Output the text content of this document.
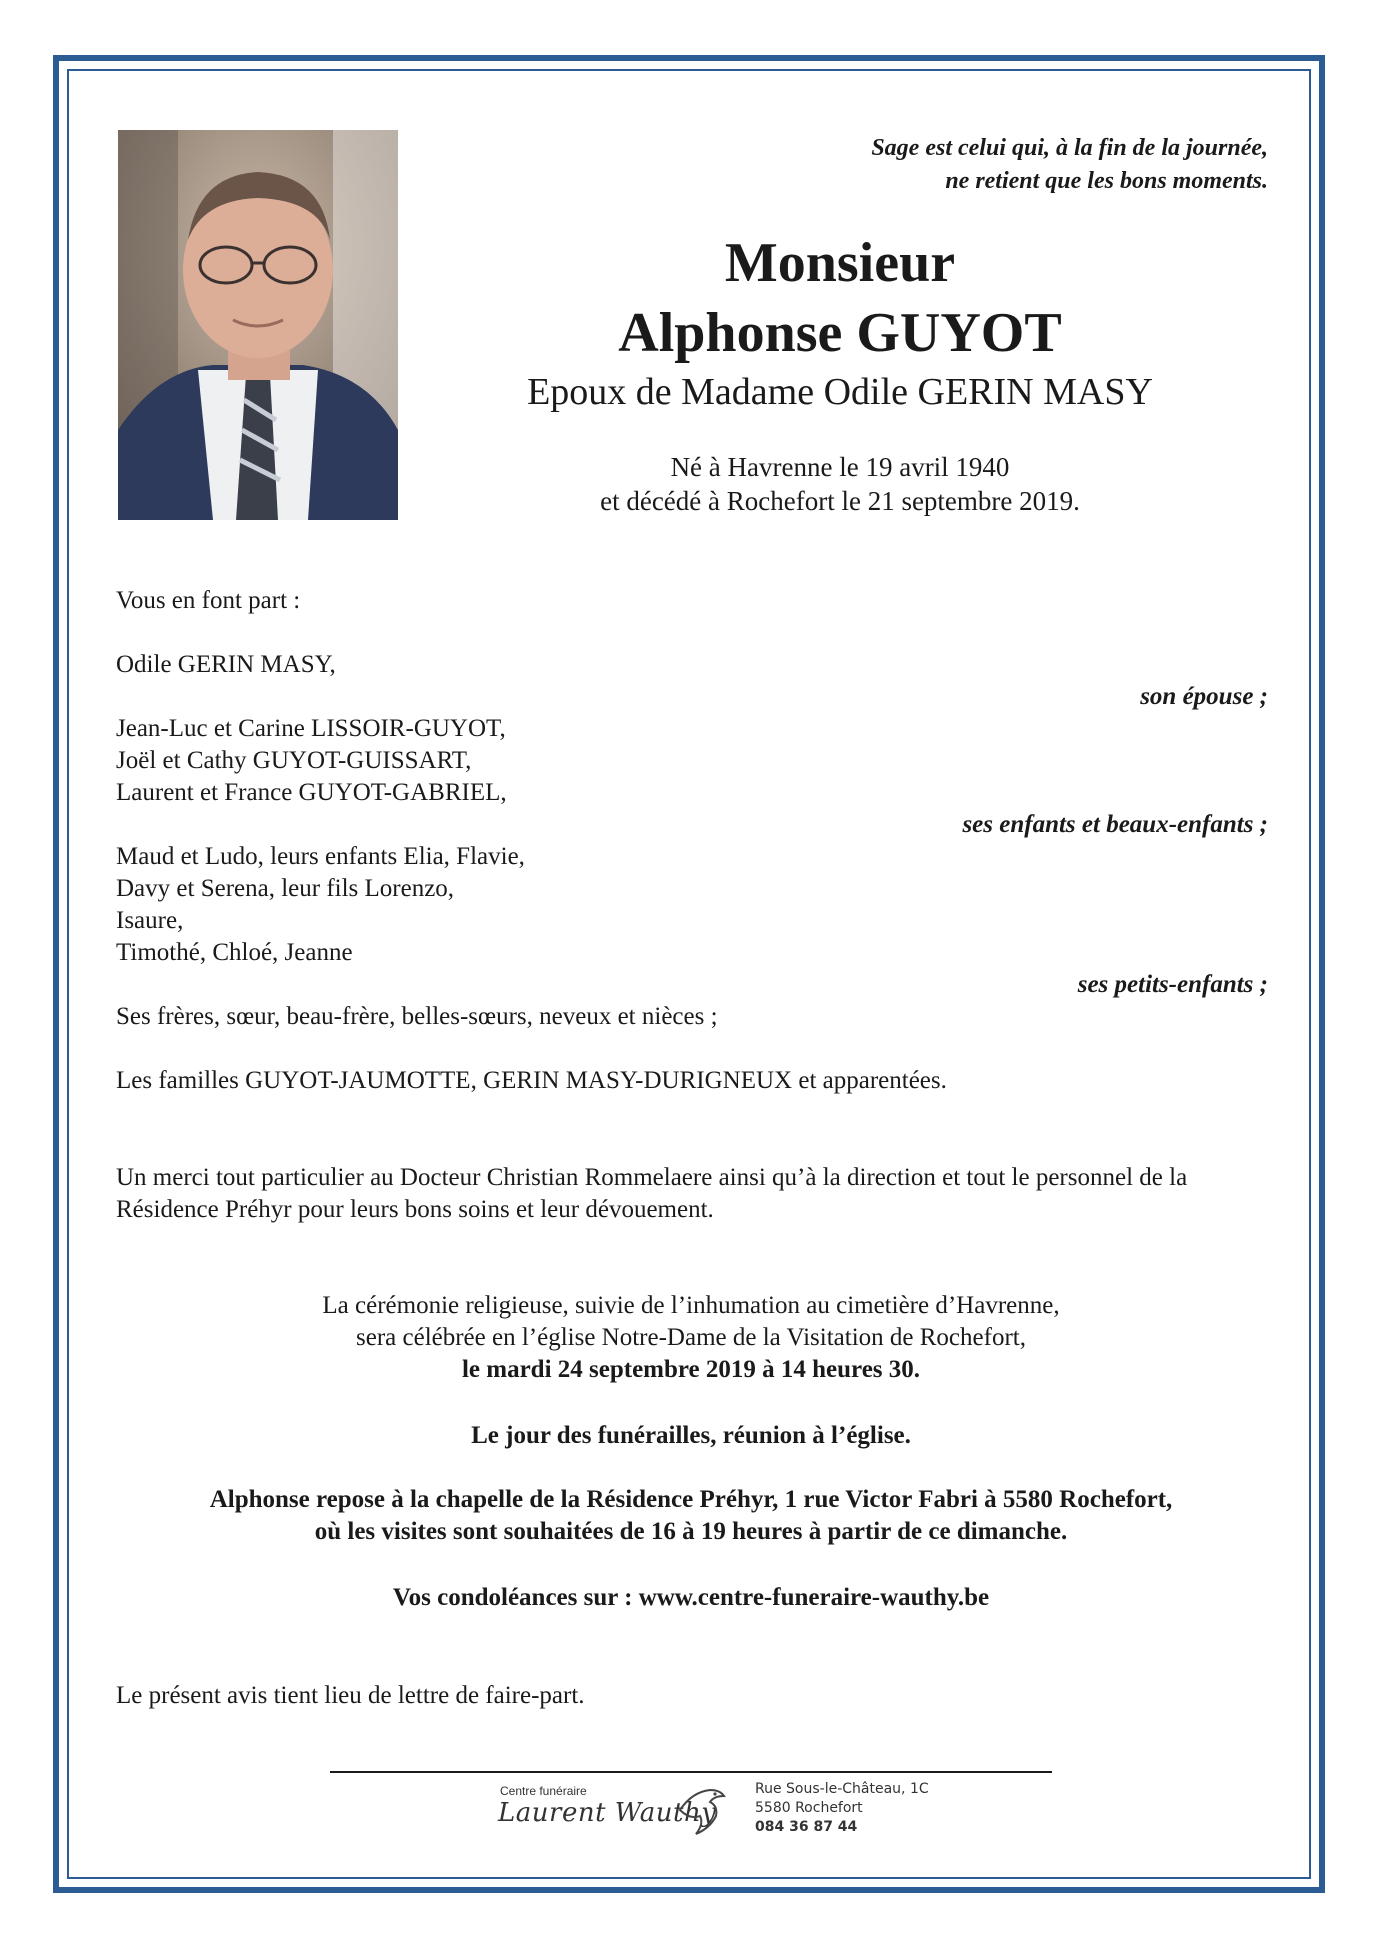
Sage est celui qui, à la fin de la journée,
ne retient que les bons moments.
Monsieur
Alphonse GUYOT
Epoux de Madame Odile GERIN MASY
Né à Havrenne le 19 avril 1940
et décédé à Rochefort le 21 septembre 2019.
Vous en font part :
Odile GERIN MASY,
son épouse ;
Jean-Luc et Carine LISSOIR-GUYOT,
Joël et Cathy GUYOT-GUISSART,
Laurent et France GUYOT-GABRIEL,
ses enfants et beaux-enfants ;
Maud et Ludo, leurs enfants Elia, Flavie,
Davy et Serena, leur fils Lorenzo,
Isaure,
Timothé, Chloé, Jeanne
ses petits-enfants ;
Ses frères, sœur, beau-frère, belles-sœurs, neveux et nièces ;
Les familles GUYOT-JAUMOTTE, GERIN MASY-DURIGNEUX et apparentées.
Un merci tout particulier au Docteur Christian Rommelaere ainsi qu’à la direction et tout le personnel de la Résidence Préhyr pour leurs bons soins et leur dévouement.
La cérémonie religieuse, suivie de l’inhumation au cimetière d’Havrenne,
sera célébrée en l’église Notre-Dame de la Visitation de Rochefort,
le mardi 24 septembre 2019 à 14 heures 30.
Le jour des funérailles, réunion à l’église.
Alphonse repose à la chapelle de la Résidence Préhyr, 1 rue Victor Fabri à 5580 Rochefort,
où les visites sont souhaitées de 16 à 19 heures à partir de ce dimanche.
Vos condoléances sur : www.centre-funeraire-wauthy.be
Le présent avis tient lieu de lettre de faire-part.
Centre funéraire
Laurent Wauthy
Rue Sous-le-Château, 1C
5580 Rochefort
084 36 87 44
